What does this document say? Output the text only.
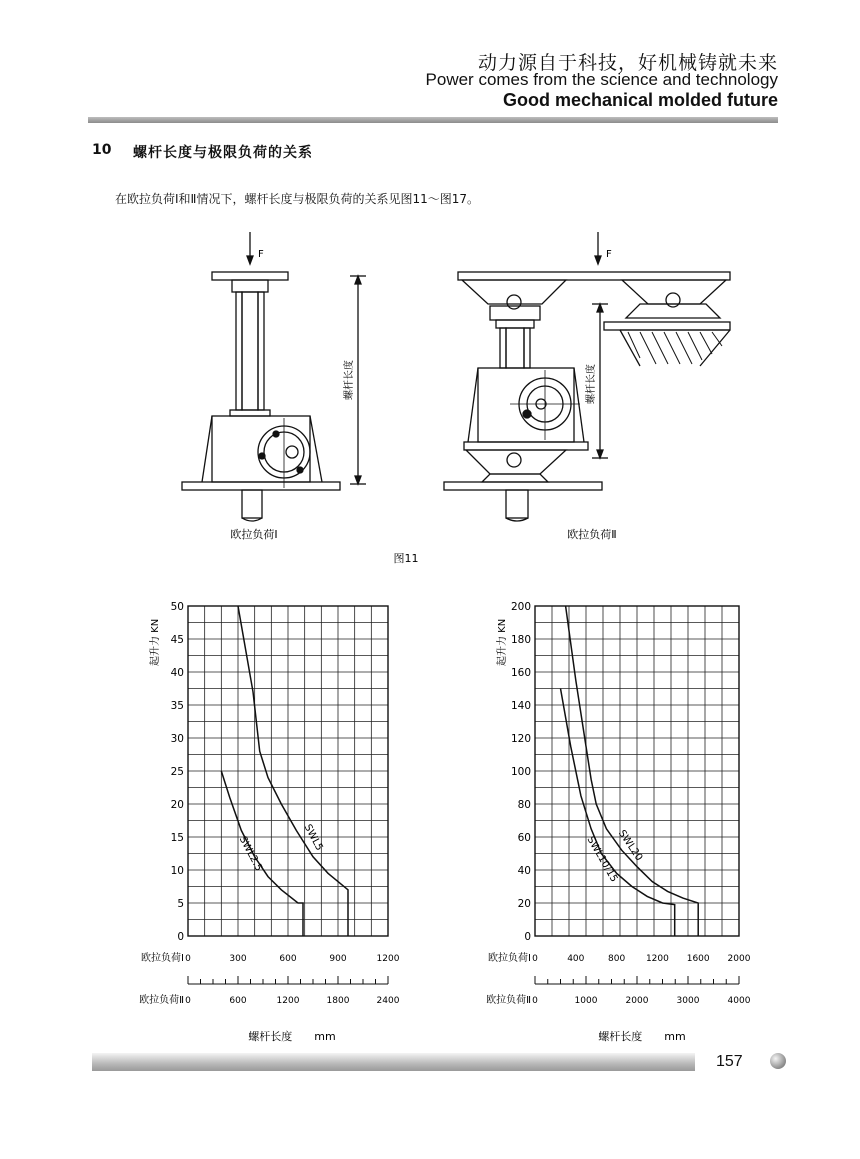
动力源自于科技，好机械铸就未来
Power comes from the science and technology
Good mechanical molded future
10 螺杆长度与极限负荷的关系
在欧拉负荷Ⅰ和Ⅱ情况下，螺杆长度与极限负荷的关系见图11～图17。
F	F
螺杆长度	螺杆长度
欧拉负荷Ⅰ	欧拉负荷Ⅱ
图11
0
5
10
15
20
25
30
35
40
45
50
起升力 KN
SWL5
SWL2.5
欧拉负荷Ⅰ
欧拉负荷Ⅱ
0	300	600	900	1200
0	600	1200	1800	2400
螺杆长度　　mm
0
20
40
60
80
100
120
140
160
180
200
起升力 KN
SWL20
SWL10/15
欧拉负荷Ⅰ
欧拉负荷Ⅱ
0	400	800 1200 1600 2000
0	1000	2000	3000	4000
螺杆长度　　mm
157
